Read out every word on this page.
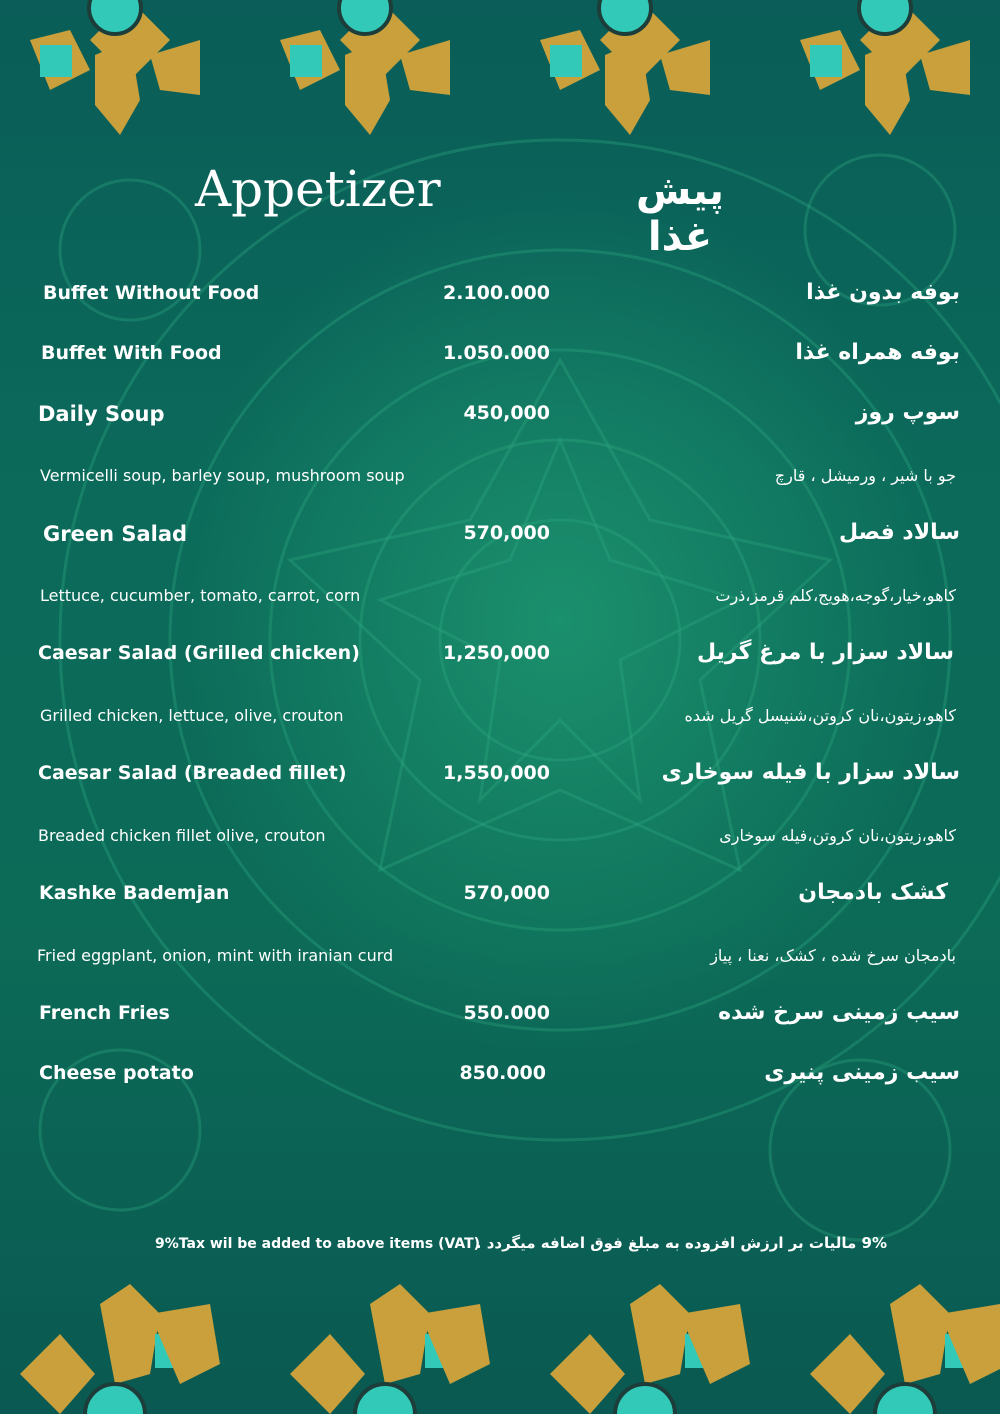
Appetizer	پیش غذا
Buffet Without Food	2.100.000	بوفه بدون غذا
Buffet With Food	1.050.000	بوفه همراه غذا
Daily Soup	450,000	سوپ روز
Vermicelli soup, barley soup, mushroom soup	جو با شیر ، ورمیشل ، قارچ
Green Salad	570,000	سالاد فصل
Lettuce, cucumber, tomato, carrot, corn	کاهو،خیار،گوجه،هویج،کلم قرمز،ذرت
Caesar Salad (Grilled chicken)	1,250,000	سالاد سزار با مرغ گریل
Grilled chicken, lettuce, olive, crouton	کاهو،زیتون،نان کروتن،شنیسل گریل شده
Caesar Salad (Breaded fillet)	1,550,000	سالاد سزار با فیله سوخاری
Breaded chicken fillet olive, crouton	کاهو،زیتون،نان کروتن،فیله سوخاری
Kashke Bademjan	570,000	کشک بادمجان
Fried eggplant, onion, mint with iranian curd	بادمجان سرخ شده ، کشک، نعنا ، پیاز
French Fries	550.000	سیب زمینی سرخ شده
Cheese potato	850.000	سیب زمینی پنیری
9%Tax wil be added to above items (VAT)
9% مالیات بر ارزش افزوده به مبلغ فوق اضافه میگردد .
